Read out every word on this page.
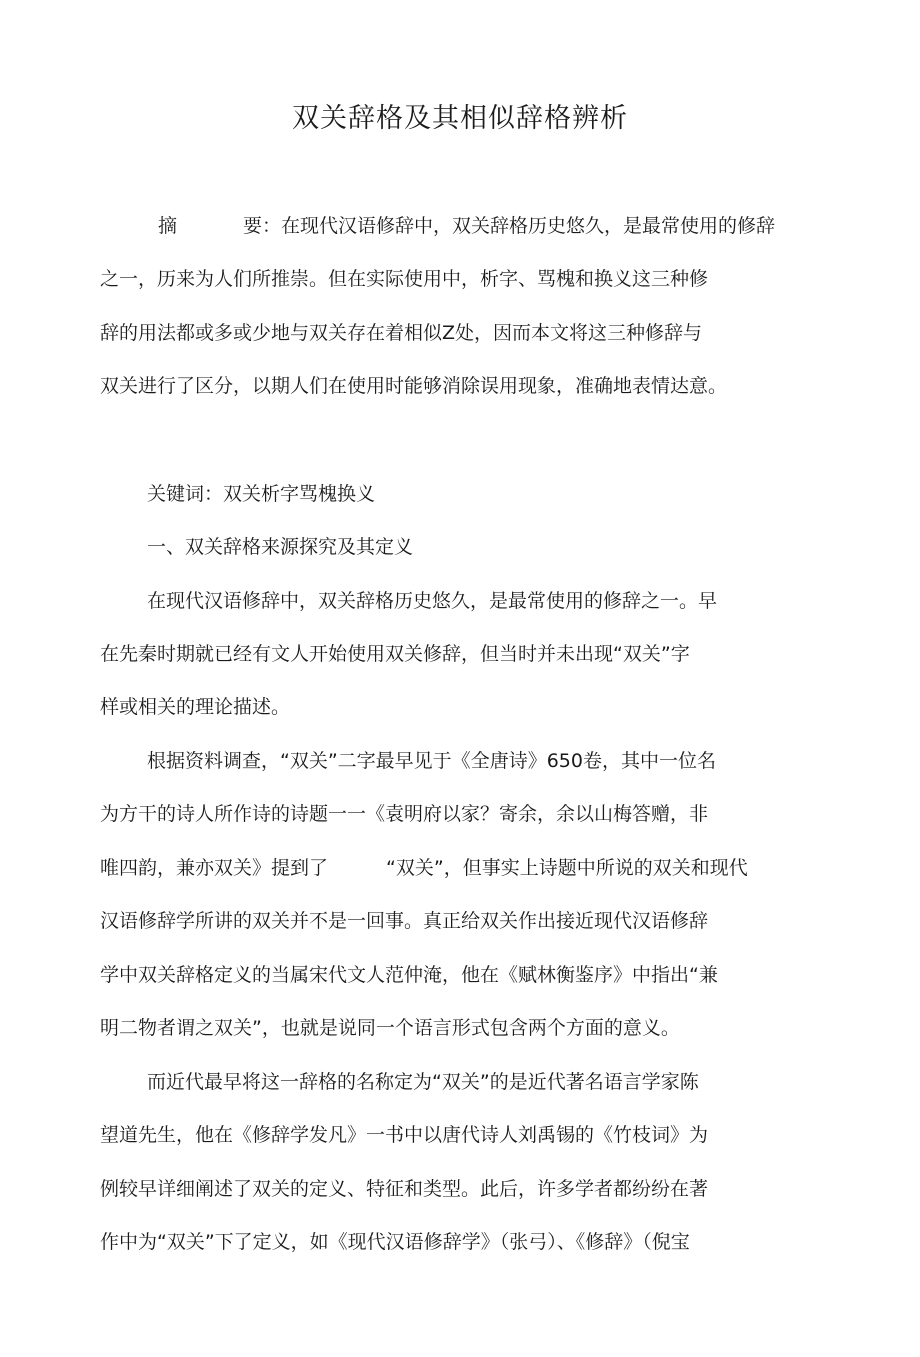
双关辞格及其相似辞格辨析
摘	要：在现代汉语修辞中，双关辞格历史悠久，是最常使用的修辞
之一，历来为人们所推崇。但在实际使用中，析字、骂槐和换义这三种修
辞的用法都或多或少地与双关存在着相似Z处，因而本文将这三种修辞与
双关进行了区分，以期人们在使用时能够消除误用现象，准确地表情达意。
关键词：双关析字骂槐换义
一、双关辞格来源探究及其定义
在现代汉语修辞中，双关辞格历史悠久，是最常使用的修辞之一。早
在先秦时期就已经有文人开始使用双关修辞，但当时并未出现“双关”字
样或相关的理论描述。
根据资料调查，“双关”二字最早见于《全唐诗》650卷，其中一位名
为方干的诗人所作诗的诗题一一《袁明府以家？寄余，余以山梅答赠，非
唯四韵，兼亦双关》提到了	“双关”，但事实上诗题中所说的双关和现代
汉语修辞学所讲的双关并不是一回事。真正给双关作出接近现代汉语修辞
学中双关辞格定义的当属宋代文人范仲淹，他在《赋林衡鉴序》中指出“兼
明二物者谓之双关”，也就是说同一个语言形式包含两个方面的意义。
而近代最早将这一辞格的名称定为“双关”的是近代著名语言学家陈
望道先生，他在《修辞学发凡》一书中以唐代诗人刘禹锡的《竹枝词》为
例较早详细阐述了双关的定义、特征和类型。此后，许多学者都纷纷在著
作中为“双关”下了定义，如《现代汉语修辞学》（张弓）、《修辞》（倪宝
